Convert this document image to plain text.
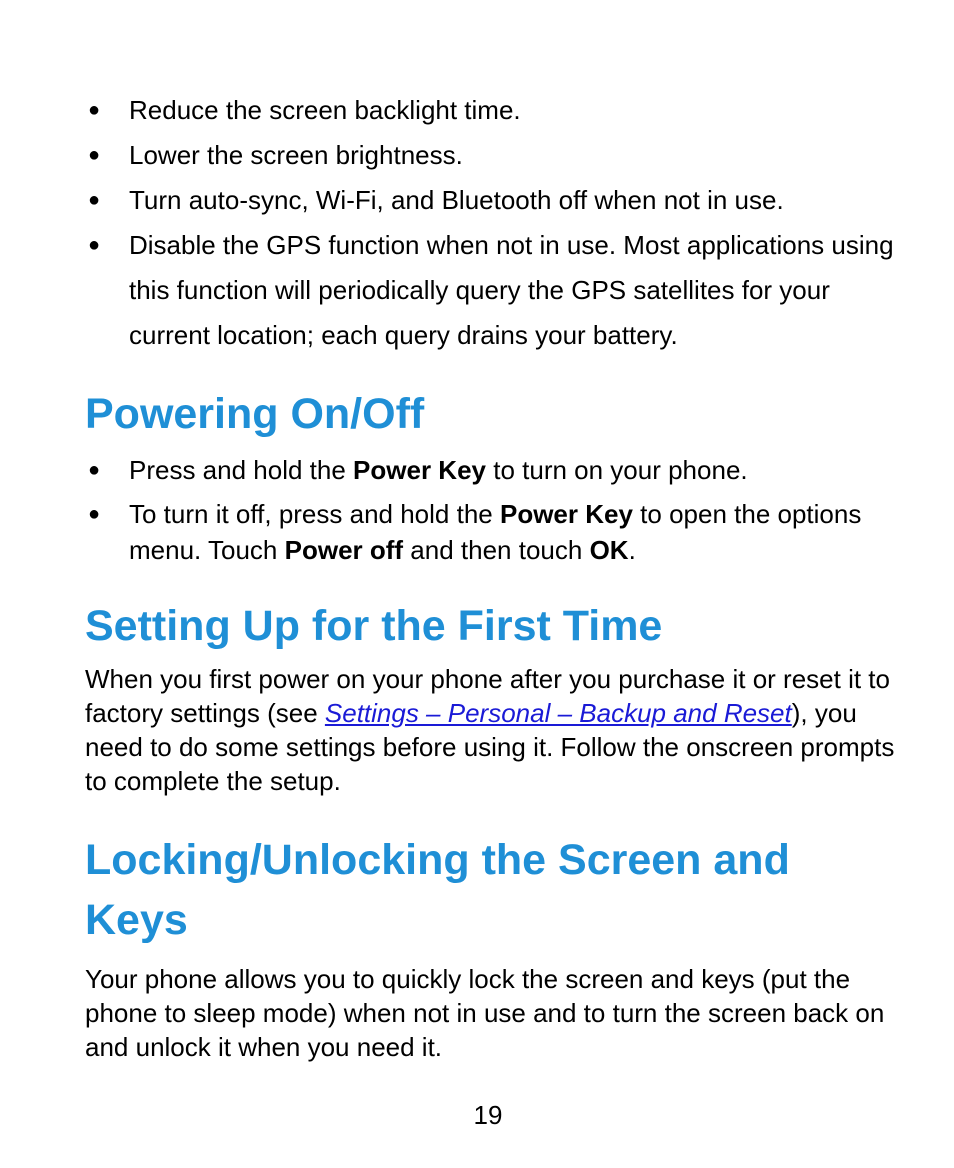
● Reduce the screen backlight time.
● Lower the screen brightness.
● Turn auto-sync, Wi-Fi, and Bluetooth off when not in use.
● Disable the GPS function when not in use. Most applications using this function will periodically query the GPS satellites for your current location; each query drains your battery.
Powering On/Off
● Press and hold the Power Key to turn on your phone.
● To turn it off, press and hold the Power Key to open the options menu. Touch Power off and then touch OK.
Setting Up for the First Time

When you first power on your phone after you purchase it or reset it to factory settings (see Settings – Personal – Backup and Reset), you need to do some settings before using it. Follow the onscreen prompts to complete the setup.

Locking/Unlocking the Screen and Keys

Your phone allows you to quickly lock the screen and keys (put the phone to sleep mode) when not in use and to turn the screen back on and unlock it when you need it.

19
